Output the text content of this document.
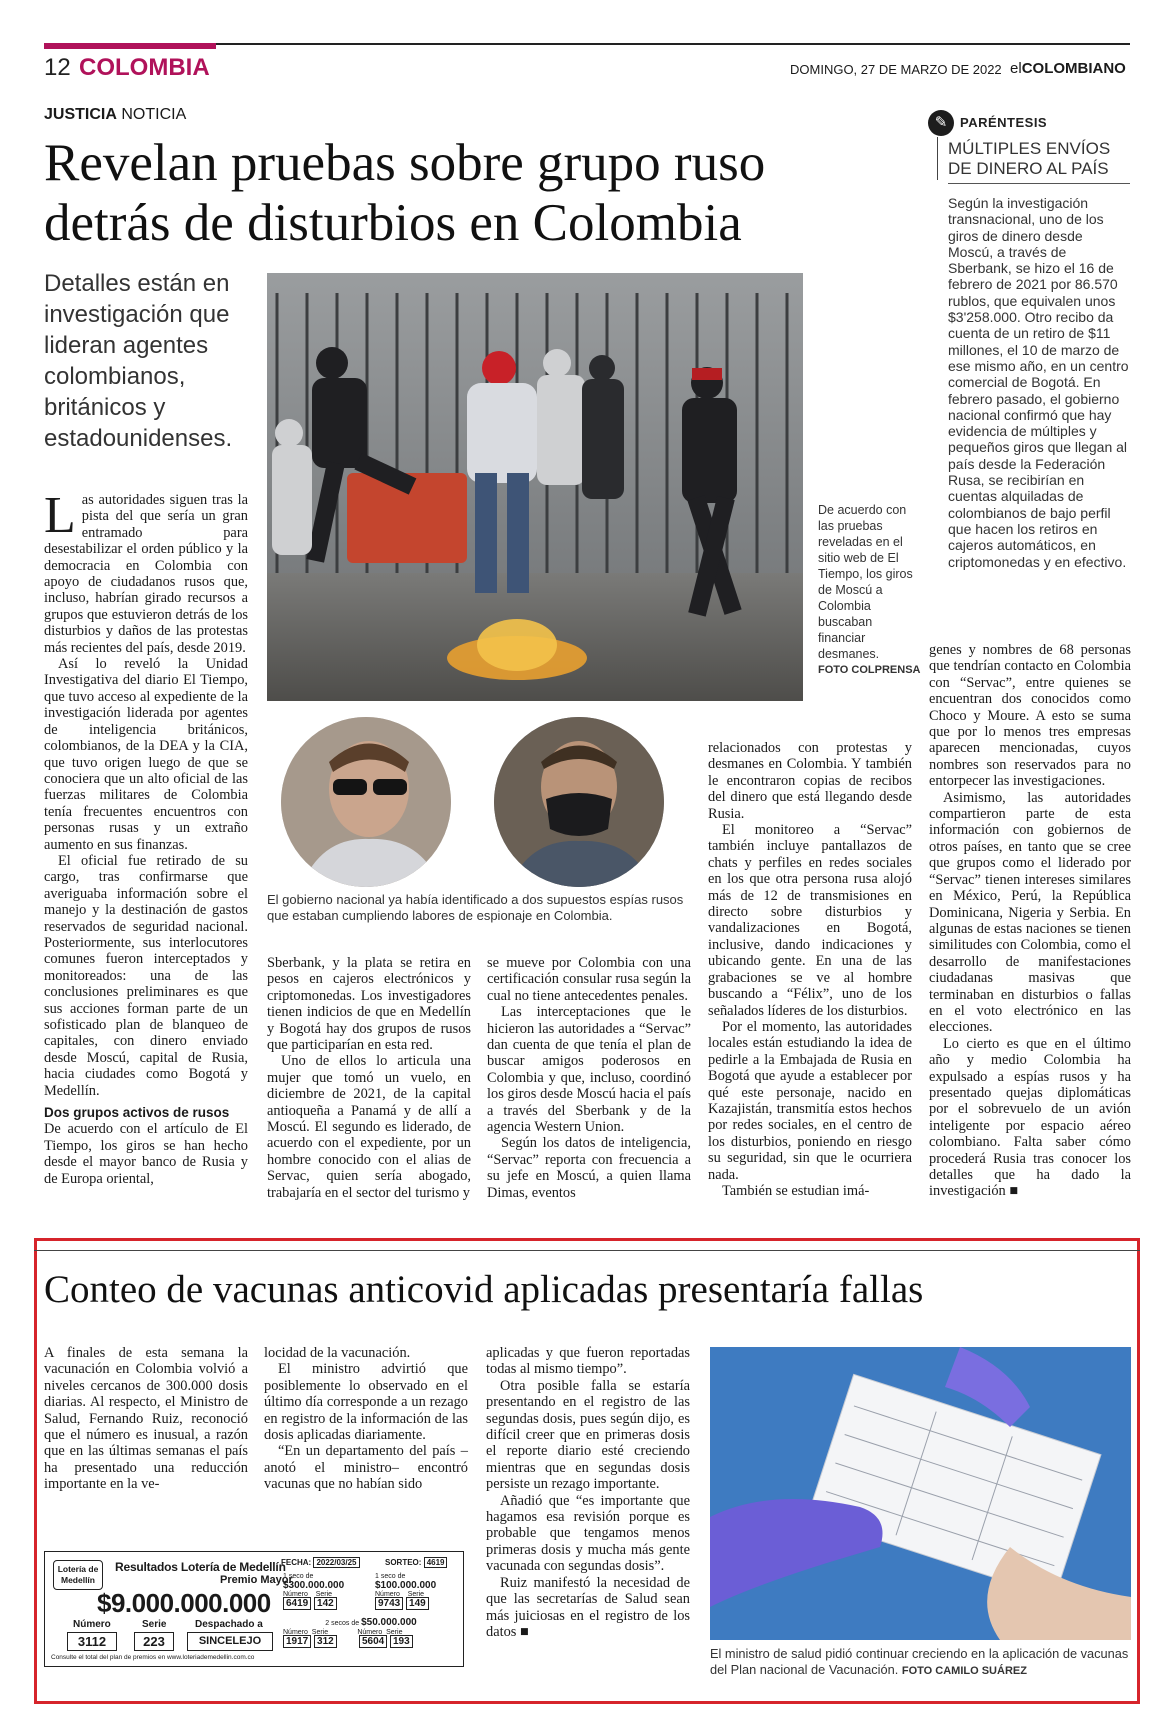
12 COLOMBIA	DOMINGO, 27 DE MARZO DE 2022 elCOLOMBIANO
JUSTICIA NOTICIA
Revelan pruebas sobre grupo ruso detrás de disturbios en Colombia
Detalles están en investigación que lideran agentes colombianos, británicos y estadounidenses.
De acuerdo con las pruebas reveladas en el sitio web de El Tiempo, los giros de Moscú a Colombia buscaban financiar desmanes.
FOTO COLPRENSA
El gobierno nacional ya había identificado a dos supuestos espías rusos que estaban cumpliendo labores de espionaje en Colombia.

Las autoridades siguen tras la pista del que sería un gran entramado para desestabilizar el orden público y la democracia en Colombia con apoyo de ciudadanos rusos que, incluso, habrían girado recursos a grupos que estuvieron detrás de los disturbios y daños de las protestas más recientes del país, desde 2019.

Así lo reveló la Unidad Investigativa del diario El Tiempo, que tuvo acceso al expediente de la investigación liderada por agentes de inteligencia británicos, colombianos, de la DEA y la CIA, que tuvo origen luego de que se conociera que un alto oficial de las fuerzas militares de Colombia tenía frecuentes encuentros con personas rusas y un extraño aumento en sus finanzas.

El oficial fue retirado de su cargo, tras confirmarse que averiguaba información sobre el manejo y la destinación de gastos reservados de seguridad nacional. Posteriormente, sus interlocutores comunes fueron interceptados y monitoreados: una de las conclusiones preliminares es que sus acciones forman parte de un sofisticado plan de blanqueo de capitales, con dinero enviado desde Moscú, capital de Rusia, hacia ciudades como Bogotá y Medellín.

Dos grupos activos de rusos

De acuerdo con el artículo de El Tiempo, los giros se han hecho desde el mayor banco de Rusia y de Europa oriental,

Sberbank, y la plata se retira en pesos en cajeros electrónicos y criptomonedas. Los investigadores tienen indicios de que en Medellín y Bogotá hay dos grupos de rusos que participarían en esta red.

Uno de ellos lo articula una mujer que tomó un vuelo, en diciembre de 2021, de la capital antioqueña a Panamá y de allí a Moscú. El segundo es liderado, de acuerdo con el expediente, por un hombre conocido con el alias de Servac, quien sería abogado, trabajaría en el sector del turismo y

se mueve por Colombia con una certificación consular rusa según la cual no tiene antecedentes penales.

Las interceptaciones que le hicieron las autoridades a “Servac” dan cuenta de que tenía el plan de buscar amigos poderosos en Colombia y que, incluso, coordinó los giros desde Moscú hacia el país a través del Sberbank y de la agencia Western Union.

Según los datos de inteligencia, “Servac” reporta con frecuencia a su jefe en Moscú, a quien llama Dimas, eventos

relacionados con protestas y desmanes en Colombia. Y también le encontraron copias de recibos del dinero que está llegando desde Rusia.

El monitoreo a “Servac” también incluye pantallazos de chats y perfiles en redes sociales en los que otra persona rusa alojó más de 12 de transmisiones en directo sobre disturbios y vandalizaciones en Bogotá, inclusive, dando indicaciones y ubicando gente. En una de las grabaciones se ve al hombre buscando a “Félix”, uno de los señalados líderes de los disturbios.

Por el momento, las autoridades locales están estudiando la idea de pedirle a la Embajada de Rusia en Bogotá que ayude a establecer por qué este personaje, nacido en Kazajistán, transmitía estos hechos por redes sociales, en el centro de los disturbios, poniendo en riesgo su seguridad, sin que le ocurriera nada.

También se estudian imá-

genes y nombres de 68 personas que tendrían contacto en Colombia con “Servac”, entre quienes se encuentran dos conocidos como Choco y Moure. A esto se suma que por lo menos tres empresas aparecen mencionadas, cuyos nombres son reservados para no entorpecer las investigaciones.

Asimismo, las autoridades compartieron parte de esta información con gobiernos de otros países, en tanto que se cree que grupos como el liderado por “Servac” tienen intereses similares en México, Perú, la República Dominicana, Nigeria y Serbia. En algunas de estas naciones se tienen similitudes con Colombia, como el desarrollo de manifestaciones ciudadanas masivas que terminaban en disturbios o fallas en el voto electrónico en las elecciones.

Lo cierto es que en el último año y medio Colombia ha expulsado a espías rusos y ha presentado quejas diplomáticas por el sobrevuelo de un avión inteligente por espacio aéreo colombiano. Falta saber cómo procederá Rusia tras conocer los detalles que ha dado la investigación ■

✎ PARÉNTESIS
MÚLTIPLES ENVÍOS DE DINERO AL PAÍS
Según la investigación transnacional, uno de los giros de dinero desde Moscú, a través de Sberbank, se hizo el 16 de febrero de 2021 por 86.570 rublos, que equivalen unos $3'258.000. Otro recibo da cuenta de un retiro de $11 millones, el 10 de marzo de ese mismo año, en un centro comercial de Bogotá. En febrero pasado, el gobierno nacional confirmó que hay evidencia de múltiples y pequeños giros que llegan al país desde la Federación Rusa, se recibirían en cuentas alquiladas de colombianos de bajo perfil que hacen los retiros en cajeros automáticos, en criptomonedas y en efectivo.
Conteo de vacunas anticovid aplicadas presentaría fallas

A finales de esta semana la vacunación en Colombia volvió a niveles cercanos de 300.000 dosis diarias. Al respecto, el Ministro de Salud, Fernando Ruiz, reconoció que el número es inusual, a razón que en las últimas semanas el país ha presentado una reducción importante en la ve-

locidad de la vacunación.

El ministro advirtió que posiblemente lo observado en el último día corresponde a un rezago en registro de la información de las dosis aplicadas diariamente.

“En un departamento del país –anotó el ministro– encontró vacunas que no habían sido

aplicadas y que fueron reportadas todas al mismo tiempo”.

Otra posible falla se estaría presentando en el registro de las segundas dosis, pues según dijo, es difícil creer que en primeras dosis el reporte diario esté creciendo mientras que en segundas dosis persiste un rezago importante.

Añadió que “es importante que hagamos esa revisión porque es probable que tengamos menos primeras dosis y mucha más gente vacunada con segundas dosis”.

Ruiz manifestó la necesidad de que las secretarías de Salud sean más juiciosas en el registro de los datos ■

El ministro de salud pidió continuar creciendo en la aplicación de vacunas del Plan nacional de Vacunación. FOTO CAMILO SUÁREZ
Lotería de
Medellín
Resultados Lotería de Medellín
Premio Mayor
$9.000.000.000
Número	Serie	Despachado a
3112	223	SINCELEJO
FECHA: 2022/03/25	SORTEO: 4619
1 seco de
$300.000.000
Número Serie
6419 142
1 seco de
$100.000.000
Número Serie
9743 149
2 secos de $50.000.000
Número Serie	Número Serie
1917 312	5604 193
Consulte el total del plan de premios en www.loteriademedellin.com.co
